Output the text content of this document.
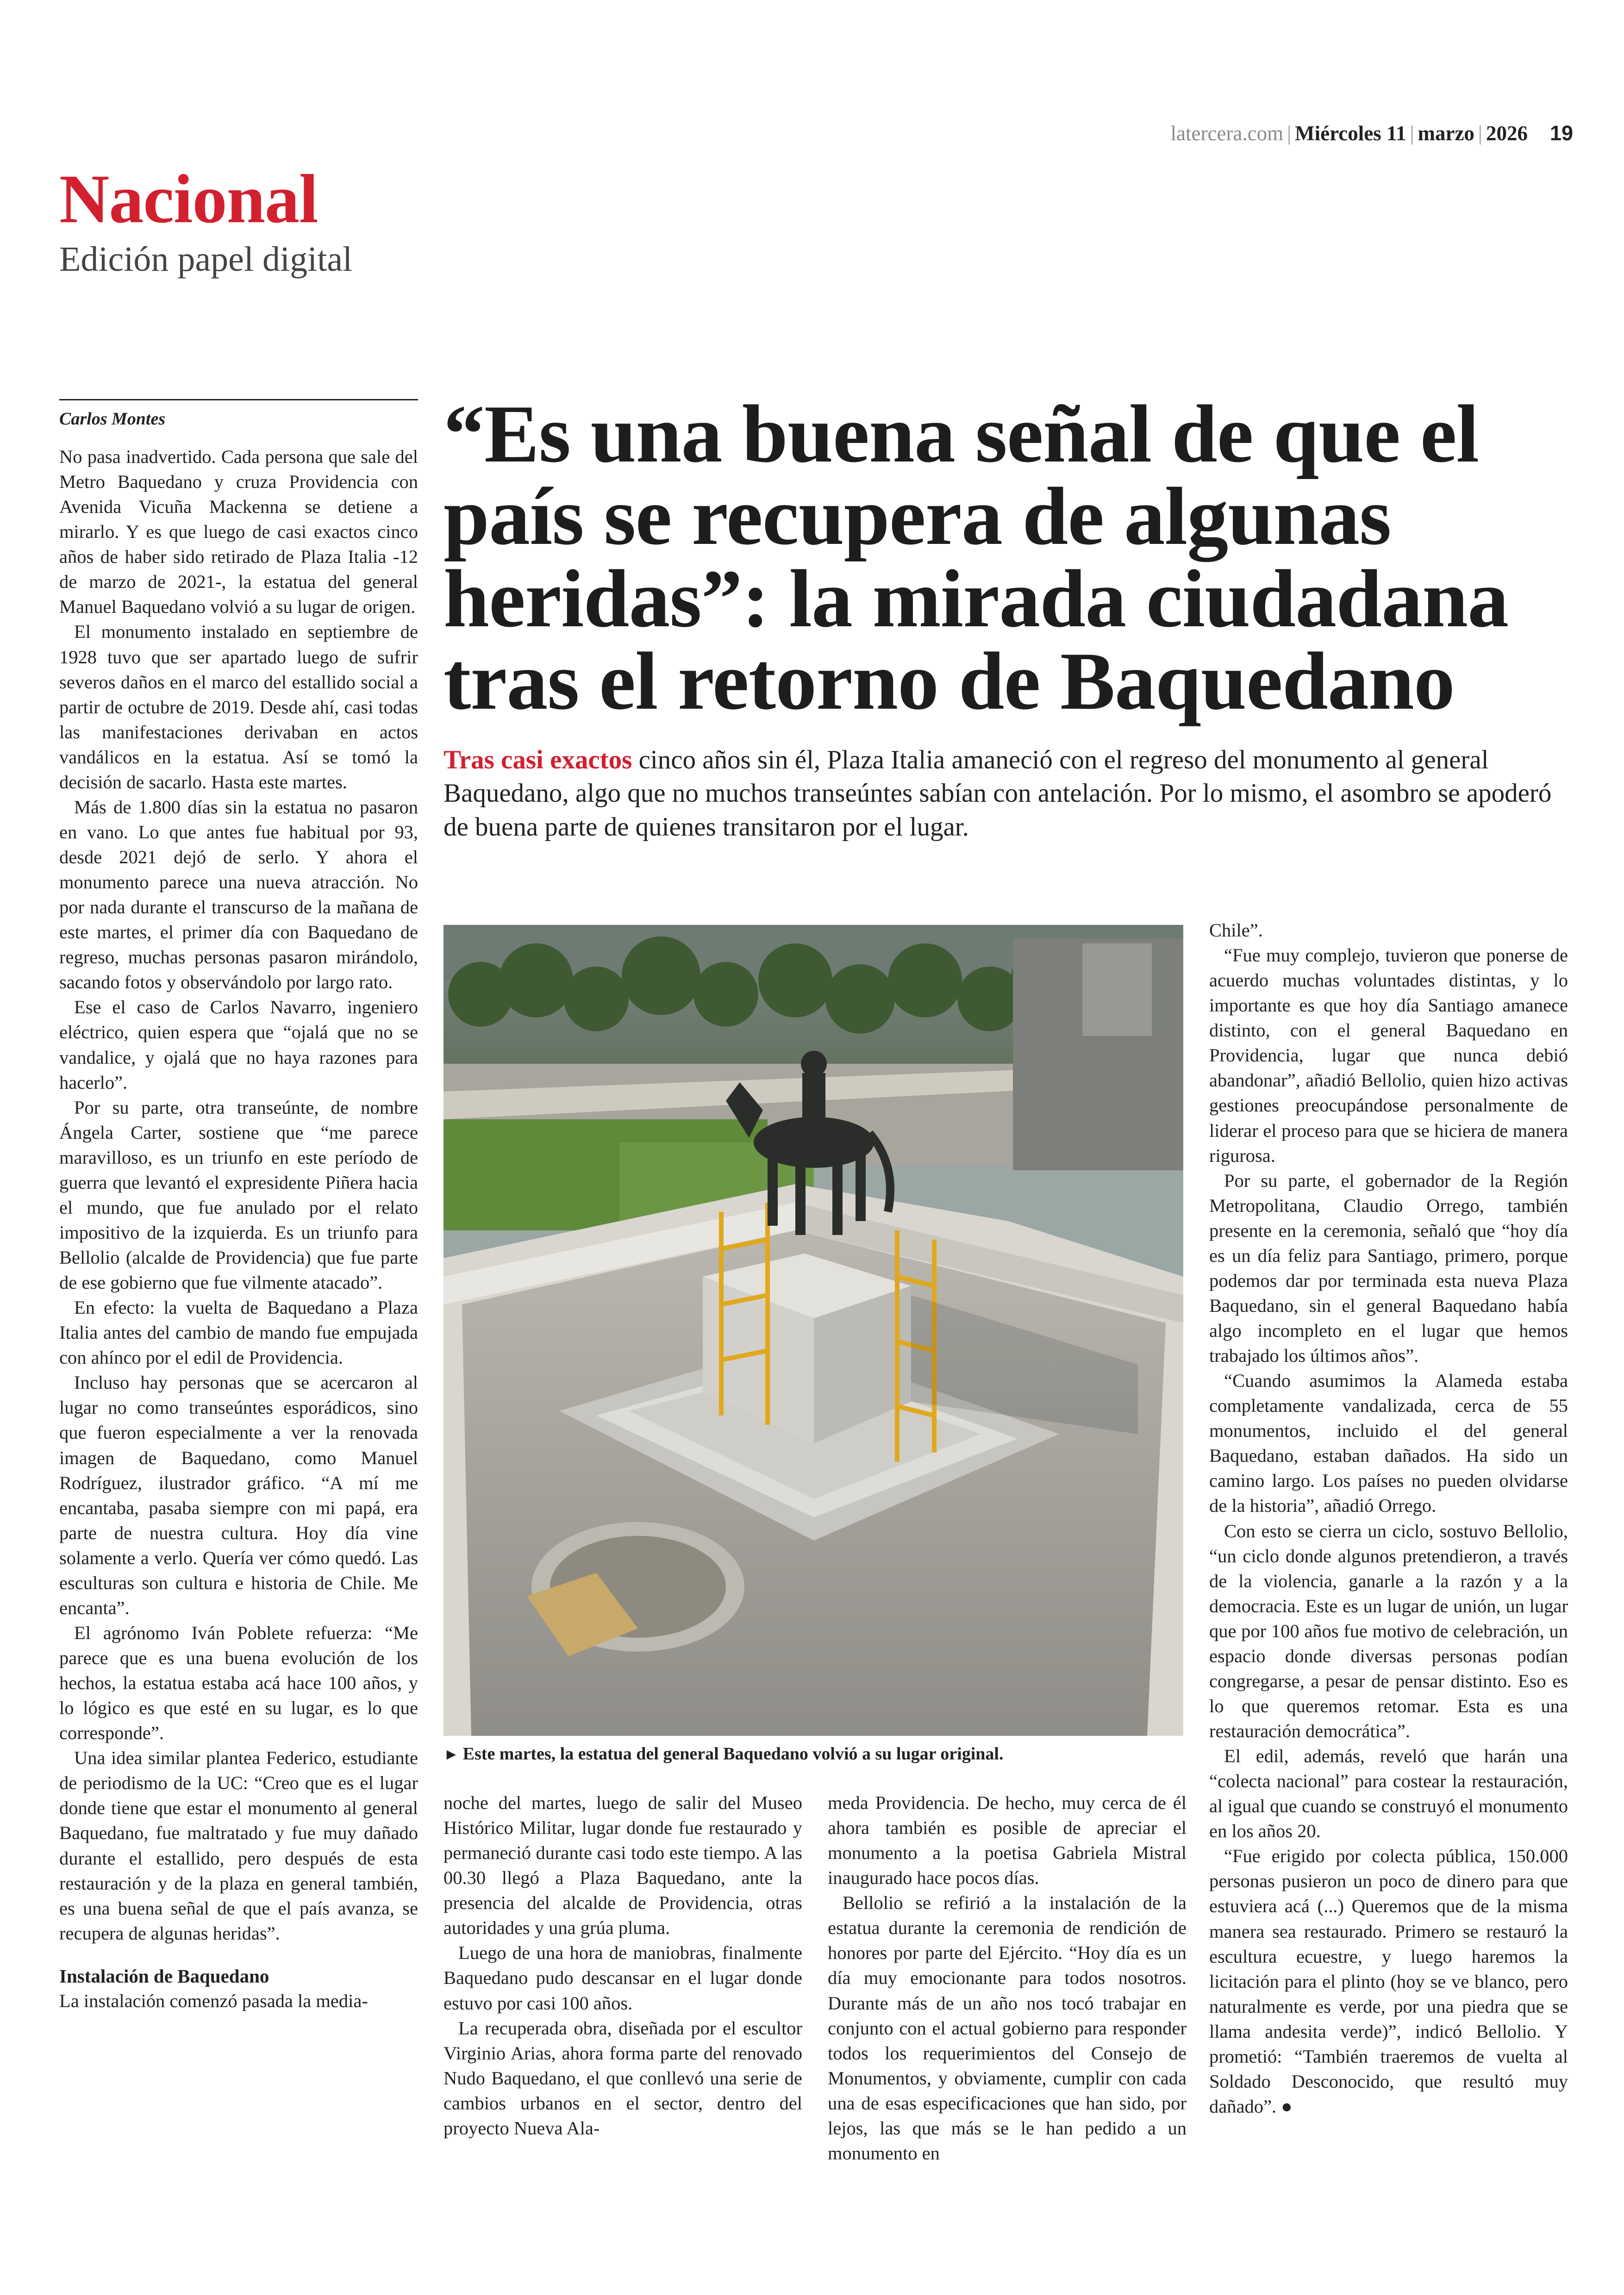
latercera.com | Miércoles 11 | marzo | 2026 19
Nacional
Edición papel digital
Carlos Montes	“Es una buena señal de que el país se recupera de algunas heridas”: la mirada ciudadana tras el retorno de Baquedano
Tras casi exactos cinco años sin él, Plaza Italia amaneció con el regreso del monumento al general Baquedano, algo que no muchos transeúntes sabían con antelación. Por lo mismo, el asombro se apoderó de buena parte de quienes transitaron por el lugar.

No pasa inadvertido. Cada persona que sale del Metro Baquedano y cruza Providencia con Avenida Vicuña Mackenna se detiene a mirarlo. Y es que luego de casi exactos cinco años de haber sido retirado de Plaza Italia -12 de marzo de 2021-, la estatua del general Manuel Baquedano volvió a su lugar de origen.

El monumento instalado en septiembre de 1928 tuvo que ser apartado luego de sufrir severos daños en el marco del estallido social a partir de octubre de 2019. Desde ahí, casi todas las manifestaciones derivaban en actos vandálicos en la estatua. Así se tomó la decisión de sacarlo. Hasta este martes.

Más de 1.800 días sin la estatua no pasaron en vano. Lo que antes fue habitual por 93, desde 2021 dejó de serlo. Y ahora el monumento parece una nueva atracción. No por nada durante el transcurso de la mañana de este martes, el primer día con Baquedano de regreso, muchas personas pasaron mirándolo, sacando fotos y observándolo por largo rato.

Ese el caso de Carlos Navarro, ingeniero eléctrico, quien espera que “ojalá que no se vandalice, y ojalá que no haya razones para hacerlo”.

Por su parte, otra transeúnte, de nombre Ángela Carter, sostiene que “me parece maravilloso, es un triunfo en este período de guerra que levantó el expresidente Piñera hacia el mundo, que fue anulado por el relato impositivo de la izquierda. Es un triunfo para Bellolio (alcalde de Providencia) que fue parte de ese gobierno que fue vilmente atacado”.

En efecto: la vuelta de Baquedano a Plaza Italia antes del cambio de mando fue empujada con ahínco por el edil de Providencia.

Incluso hay personas que se acercaron al lugar no como transeúntes esporádicos, sino que fueron especialmente a ver la renovada imagen de Baquedano, como Manuel Rodríguez, ilustrador gráfico. “A mí me encantaba, pasaba siempre con mi papá, era parte de nuestra cultura. Hoy día vine solamente a verlo. Quería ver cómo quedó. Las esculturas son cultura e historia de Chile. Me encanta”.

El agrónomo Iván Poblete refuerza: “Me parece que es una buena evolución de los hechos, la estatua estaba acá hace 100 años, y lo lógico es que esté en su lugar, es lo que corresponde”.

Una idea similar plantea Federico, estudiante de periodismo de la UC: “Creo que es el lugar donde tiene que estar el monumento al general Baquedano, fue maltratado y fue muy dañado durante el estallido, pero después de esta restauración y de la plaza en general también, es una buena señal de que el país avanza, se recupera de algunas heridas”.

Instalación de Baquedano

La instalación comenzó pasada la media-

► Este martes, la estatua del general Baquedano volvió a su lugar original.

noche del martes, luego de salir del Museo Histórico Militar, lugar donde fue restaurado y permaneció durante casi todo este tiempo. A las 00.30 llegó a Plaza Baquedano, ante la presencia del alcalde de Providencia, otras autoridades y una grúa pluma.

Luego de una hora de maniobras, finalmente Baquedano pudo descansar en el lugar donde estuvo por casi 100 años.

La recuperada obra, diseñada por el escultor Virginio Arias, ahora forma parte del renovado Nudo Baquedano, el que conllevó una serie de cambios urbanos en el sector, dentro del proyecto Nueva Ala-

meda Providencia. De hecho, muy cerca de él ahora también es posible de apreciar el monumento a la poetisa Gabriela Mistral inaugurado hace pocos días.

Bellolio se refirió a la instalación de la estatua durante la ceremonia de rendición de honores por parte del Ejército. “Hoy día es un día muy emocionante para todos nosotros. Durante más de un año nos tocó trabajar en conjunto con el actual gobierno para responder todos los requerimientos del Consejo de Monumentos, y obviamente, cumplir con cada una de esas especificaciones que han sido, por lejos, las que más se le han pedido a un monumento en

Chile”.

“Fue muy complejo, tuvieron que ponerse de acuerdo muchas voluntades distintas, y lo importante es que hoy día Santiago amanece distinto, con el general Baquedano en Providencia, lugar que nunca debió abandonar”, añadió Bellolio, quien hizo activas gestiones preocupándose personalmente de liderar el proceso para que se hiciera de manera rigurosa.

Por su parte, el gobernador de la Región Metropolitana, Claudio Orrego, también presente en la ceremonia, señaló que “hoy día es un día feliz para Santiago, primero, porque podemos dar por terminada esta nueva Plaza Baquedano, sin el general Baquedano había algo incompleto en el lugar que hemos trabajado los últimos años”.

“Cuando asumimos la Alameda estaba completamente vandalizada, cerca de 55 monumentos, incluido el del general Baquedano, estaban dañados. Ha sido un camino largo. Los países no pueden olvidarse de la historia”, añadió Orrego.

Con esto se cierra un ciclo, sostuvo Bellolio, “un ciclo donde algunos pretendieron, a través de la violencia, ganarle a la razón y a la democracia. Este es un lugar de unión, un lugar que por 100 años fue motivo de celebración, un espacio donde diversas personas podían congregarse, a pesar de pensar distinto. Eso es lo que queremos retomar. Esta es una restauración democrática”.

El edil, además, reveló que harán una “colecta nacional” para costear la restauración, al igual que cuando se construyó el monumento en los años 20.

“Fue erigido por colecta pública, 150.000 personas pusieron un poco de dinero para que estuviera acá (...) Queremos que de la misma manera sea restaurado. Primero se restauró la escultura ecuestre, y luego haremos la licitación para el plinto (hoy se ve blanco, pero naturalmente es verde, por una piedra que se llama andesita verde)”, indicó Bellolio. Y prometió: “También traeremos de vuelta al Soldado Desconocido, que resultó muy dañado”. ●
